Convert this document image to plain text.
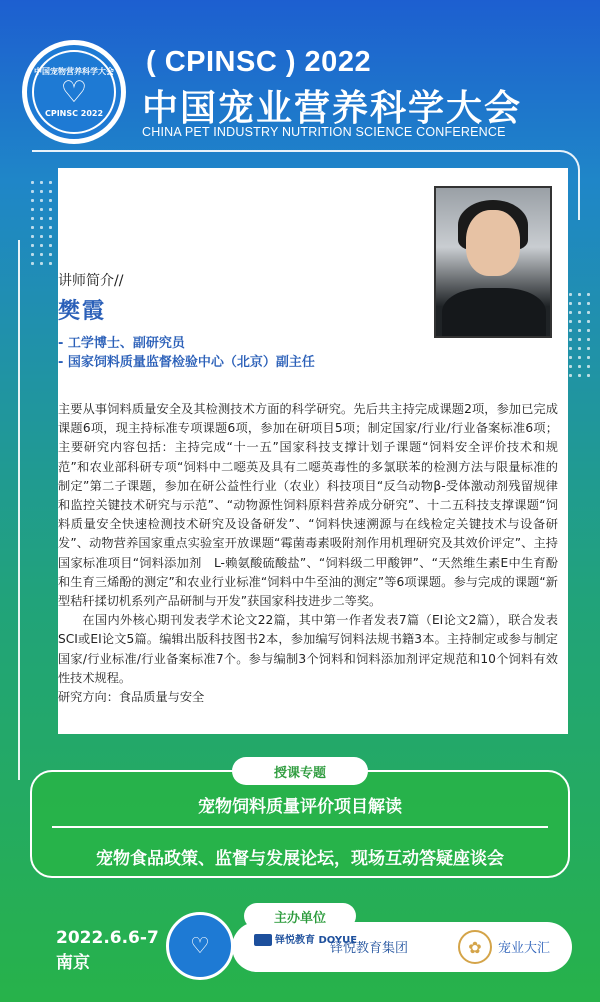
中国宠物营养科学大会
♡
CPINSC 2022
( CPINSC ) 2022
中国宠业营养科学大会
CHINA PET INDUSTRY NUTRITION SCIENCE CONFERENCE
讲师简介//
樊霞
- 工学博士、副研究员
- 国家饲料质量监督检验中心（北京）副主任

主要从事饲料质量安全及其检测技术方面的科学研究。先后共主持完成课题2项，参加已完成课题6项，现主持标准专项课题6项，参加在研项目5项；制定国家/行业/行业备案标准6项；主要研究内容包括：主持完成“十一五”国家科技支撑计划子课题“饲料安全评价技术和规范”和农业部科研专项“饲料中二噁英及具有二噁英毒性的多氯联苯的检测方法与限量标准的制定”第二子课题，参加在研公益性行业（农业）科技项目“反刍动物β-受体激动剂残留规律和监控关键技术研究与示范”、“动物源性饲料原料营养成分研究”、十二五科技支撑课题“饲料质量安全快速检测技术研究及设备研发”、“饲料快速溯源与在线检定关键技术与设备研发”、动物营养国家重点实验室开放课题“霉菌毒素吸附剂作用机理研究及其效价评定”、主持国家标准项目“饲料添加剂　L-赖氨酸硫酸盐”、“饲料级二甲酸钾”、“天然维生素E中生育酚和生育三烯酚的测定”和农业行业标准“饲料中牛至油的测定”等6项课题。参与完成的课题“新型秸秆揉切机系列产品研制与开发”获国家科技进步二等奖。

在国内外核心期刊发表学术论文22篇，其中第一作者发表7篇（EI论文2篇），联合发表SCI或EI论文5篇。编辑出版科技图书2本，参加编写饲料法规书籍3本。主持制定或参与制定国家/行业标准/行业备案标准7个。参与编制3个饲料和饲料添加剂评定规范和10个饲料有效性技术规程。

研究方向：食品质量与安全

宠物饲料质量评价项目解读
宠物食品政策、监督与发展论坛，现场互动答疑座谈会
授课专题
2022.6.6-7
南京
♡	铎悦教育 DOYUE
铎悦教育集团	✿	宠业大汇
主办单位
